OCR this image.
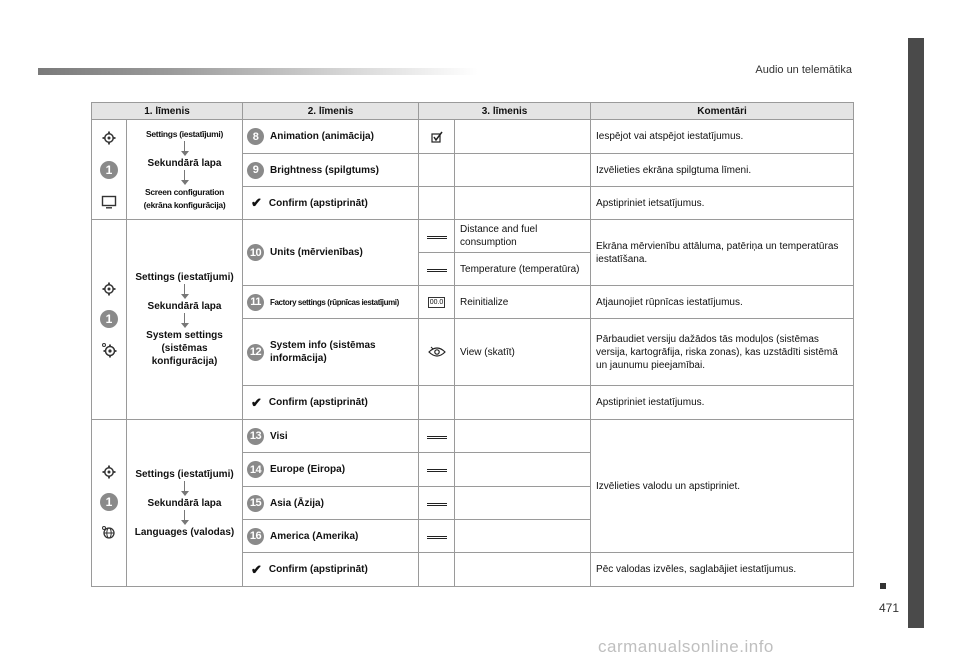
Audio un telemātika
471
carmanualsonline.info
1. līmenis		2. līmenis	3. līmenis		Komentāri

1	Settings (iestatījumi)
Sekundārā lapa
Screen configuration (ekrāna konfigurācija)	8 Animation (animācija)			Iespējot vai atspējot iestatījumus.

9 Brightness (spilgtums)			Izvēlieties ekrāna spilgtuma līmeni.

		✔ Confirm (apstiprināt)			Apstipriniet ietsatījumus.

1	Settings (iestatījumi)
Sekundārā lapa
System settings (sistēmas konfigurācija)	10 Units (mērvienības)		Distance and fuel consumption	Ekrāna mērvienību attāluma, patēriņa un temperatūras iestatīšana.
				Temperature (temperatūra)	

11 Factory settings (rūpnīcas iestatījumi)	00.0	Reinitialize	Atjaunojiet rūpnīcas iestatījumus.

12
System info (sistēmas informācija)		View (skatīt)	Pārbaudiet versiju dažādos tās moduļos (sistēmas versija, kartogrāfija, riska zonas), kas uzstādīti sistēmā un jaunumu pieejamībai.

		✔ Confirm (apstiprināt)			Apstipriniet iestatījumus.

1	Settings (iestatījumi)
Sekundārā lapa
Languages (valodas)	13 Visi			Izvēlieties valodu un apstipriniet.

14 Europe (Eiropa)			

15 Asia (Āzija)			

16 America (Amerika)			

		✔ Confirm (apstiprināt)			Pēc valodas izvēles, saglabājiet iestatījumus.
